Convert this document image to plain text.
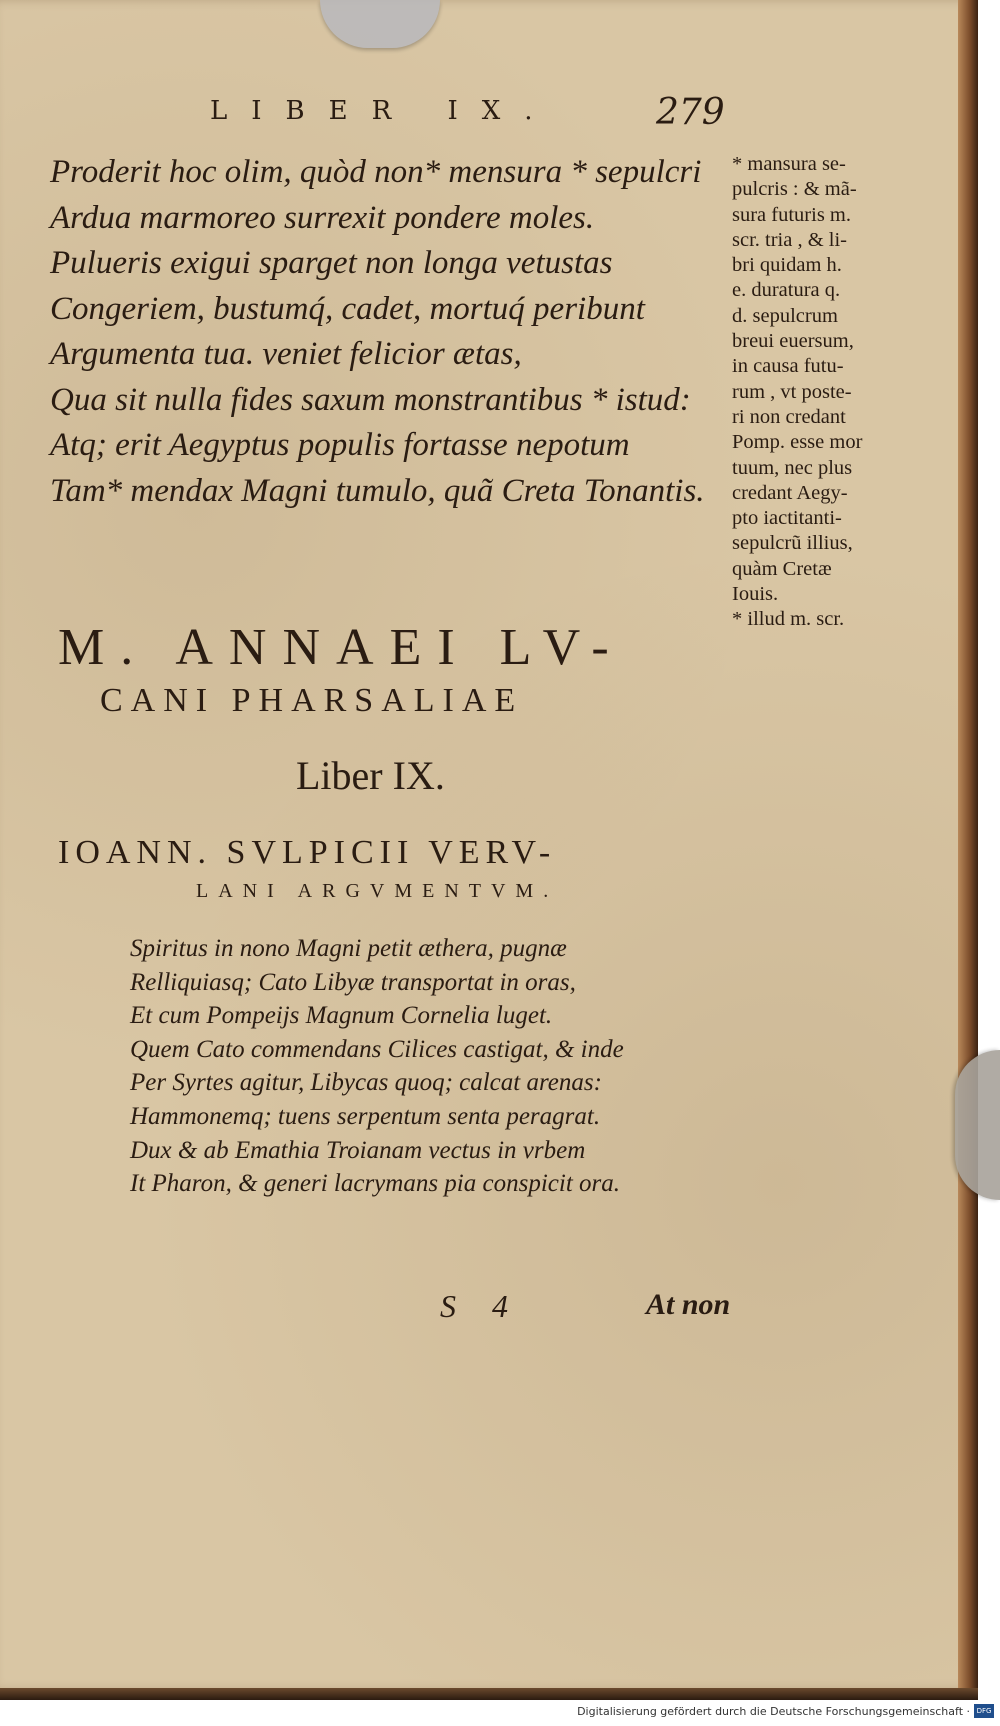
LIBER IX.	279
Proderit hoc olim, quòd non* mensura * sepulcri
Ardua marmoreo surrexit pondere moles.
Pulueris exigui sparget non longa vetustas
Congeriem, bustumq́, cadet, mortuq́ peribunt
Argumenta tua. veniet felicior ætas,
Qua sit nulla fides saxum monstrantibus * istud:
Atq; erit Aegyptus populis fortasse nepotum
Tam* mendax Magni tumulo, quã Creta Tonantis.
* mansura se-
pulcris : & mã-
sura futuris m.
scr. tria , & li-
bri quidam h.
e. duratura q.
d. sepulcrum
breui euersum,
in causa futu-
rum , vt poste-
ri non credant
Pomp. esse mor
tuum, nec plus
credant Aegy-
pto iactitanti-
sepulcrũ illius,
quàm Cretæ
Iouis.
* illud m. scr.
M. ANNAEI LV-
CANI PHARSALIAE
Liber IX.
IOANN. SVLPICII VERV-
LANI ARGVMENTVM.
Spiritus in nono Magni petit æthera, pugnæ
Relliquiasq; Cato Libyæ transportat in oras,
Et cum Pompeijs Magnum Cornelia luget.
Quem Cato commendans Cilices castigat, & inde
Per Syrtes agitur, Libycas quoq; calcat arenas:
Hammonemq; tuens serpentum senta peragrat.
Dux & ab Emathia Troianam vectus in vrbem
It Pharon, & generi lacrymans pia conspicit ora.
S 4	At non
Digitalisierung gefördert durch die Deutsche Forschungsgemeinschaft · DFG
